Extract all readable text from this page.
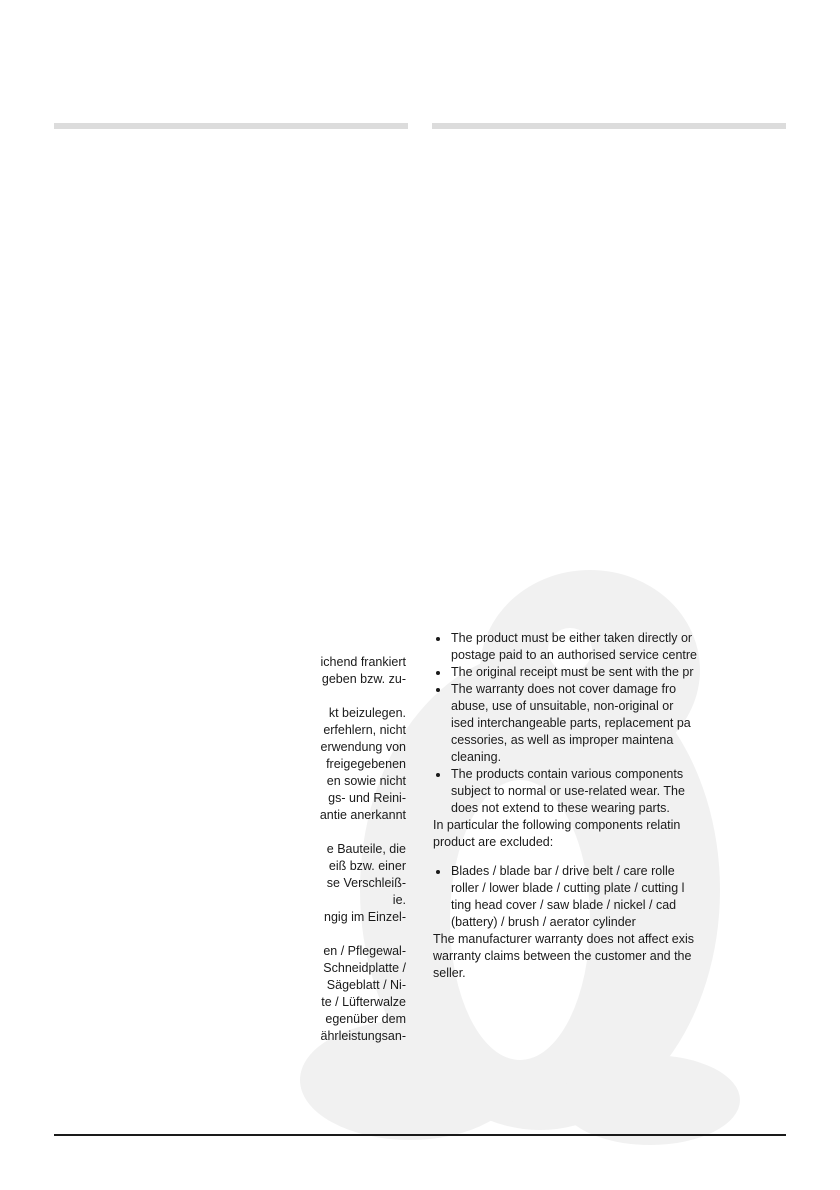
ichend frankiert
geben bzw. zu-
kt beizulegen.
erfehlern, nicht
erwendung von
freigegebenen
en sowie nicht
gs- und Reini-
antie anerkannt
e Bauteile, die
eiß bzw. einer
se Verschleiß-
ie.
ngig im Einzel-
en / Pflegewal-
Schneidplatte /
Sägeblatt / Ni-
te / Lüfterwalze
egenüber dem
ährleistungsan-
The product must be either taken directly or
postage paid to an authorised service centre
The original receipt must be sent with the pr
The warranty does not cover damage fro
abuse, use of unsuitable, non-original or
ised interchangeable parts, replacement pa
cessories, as well as improper maintena
cleaning.
The products contain various components
subject to normal or use-related wear. The
does not extend to these wearing parts.
In particular the following components relatin
product are excluded:
Blades / blade bar / drive belt / care rolle
roller / lower blade / cutting plate / cutting l
ting head cover / saw blade / nickel / cad
(battery) / brush / aerator cylinder
The manufacturer warranty does not affect exis
warranty claims between the customer and the
seller.
